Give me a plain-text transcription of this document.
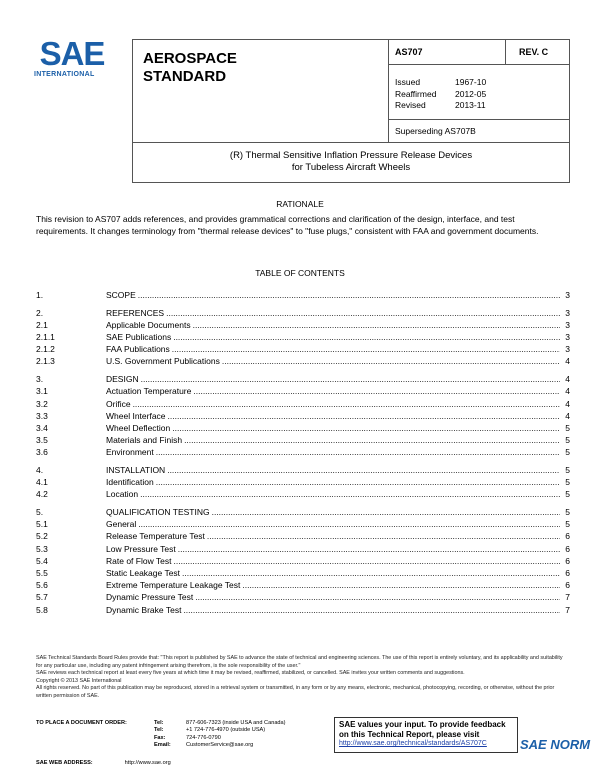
SAE
INTERNATIONAL
AEROSPACE
STANDARD
AS707	REV. C
Issued	1967-10
Reaffirmed	2012-05
Revised	2013-11
Superseding AS707B
(R) Thermal Sensitive Inflation Pressure Release Devices
for Tubeless Aircraft Wheels
RATIONALE
This revision to AS707 adds references, and provides grammatical corrections and clarification of the design, interface, and test requirements. It changes terminology from "thermal release devices" to "fuse plugs," consistent with FAA and government documents.
TABLE OF CONTENTS
1.	SCOPE .....	3
2.	REFERENCES .....	3
2.1	Applicable Documents .....	3
2.1.1	SAE Publications .....	3
2.1.2	FAA Publications .....	3
2.1.3	U.S. Government Publications .....	4
3.	DESIGN .....	4
3.1	Actuation Temperature .....	4
3.2	Orifice .....	4
3.3	Wheel Interface .....	4
3.4	Wheel Deflection .....	5
3.5	Materials and Finish .....	5
3.6	Environment .....	5
4.	INSTALLATION .....	5
4.1	Identification .....	5
4.2	Location .....	5
5.	QUALIFICATION TESTING .....	5
5.1	General .....	5
5.2	Release Temperature Test .....	6
5.3	Low Pressure Test .....	6
5.4	Rate of Flow Test .....	6
5.5	Static Leakage Test .....	6
5.6	Extreme Temperature Leakage Test .....	6
5.7	Dynamic Pressure Test .....	7
5.8	Dynamic Brake Test .....	7
SAE Technical Standards Board Rules provide that: "This report is published by SAE to advance the state of technical and engineering sciences. The use of this report is entirely voluntary, and its applicability and suitability for any particular use, including any patent infringement arising therefrom, is the sole responsibility of the user."
SAE reviews each technical report at least every five years at which time it may be revised, reaffirmed, stabilized, or cancelled. SAE invites your written comments and suggestions.
Copyright © 2013 SAE International
All rights reserved. No part of this publication may be reproduced, stored in a retrieval system or transmitted, in any form or by any means, electronic, mechanical, photocopying, recording, or otherwise, without the prior written permission of SAE.
TO PLACE A DOCUMENT ORDER:	Tel:	877-606-7323 (inside USA and Canada)
Tel:	+1 724-776-4970 (outside USA)
Fax:	724-776-0790
Email:	CustomerService@sae.org
SAE WEB ADDRESS:	http://www.sae.org
SAE values your input. To provide feedback
on this Technical Report, please visit
http://www.sae.org/technical/standards/AS707C	SAE NORM
